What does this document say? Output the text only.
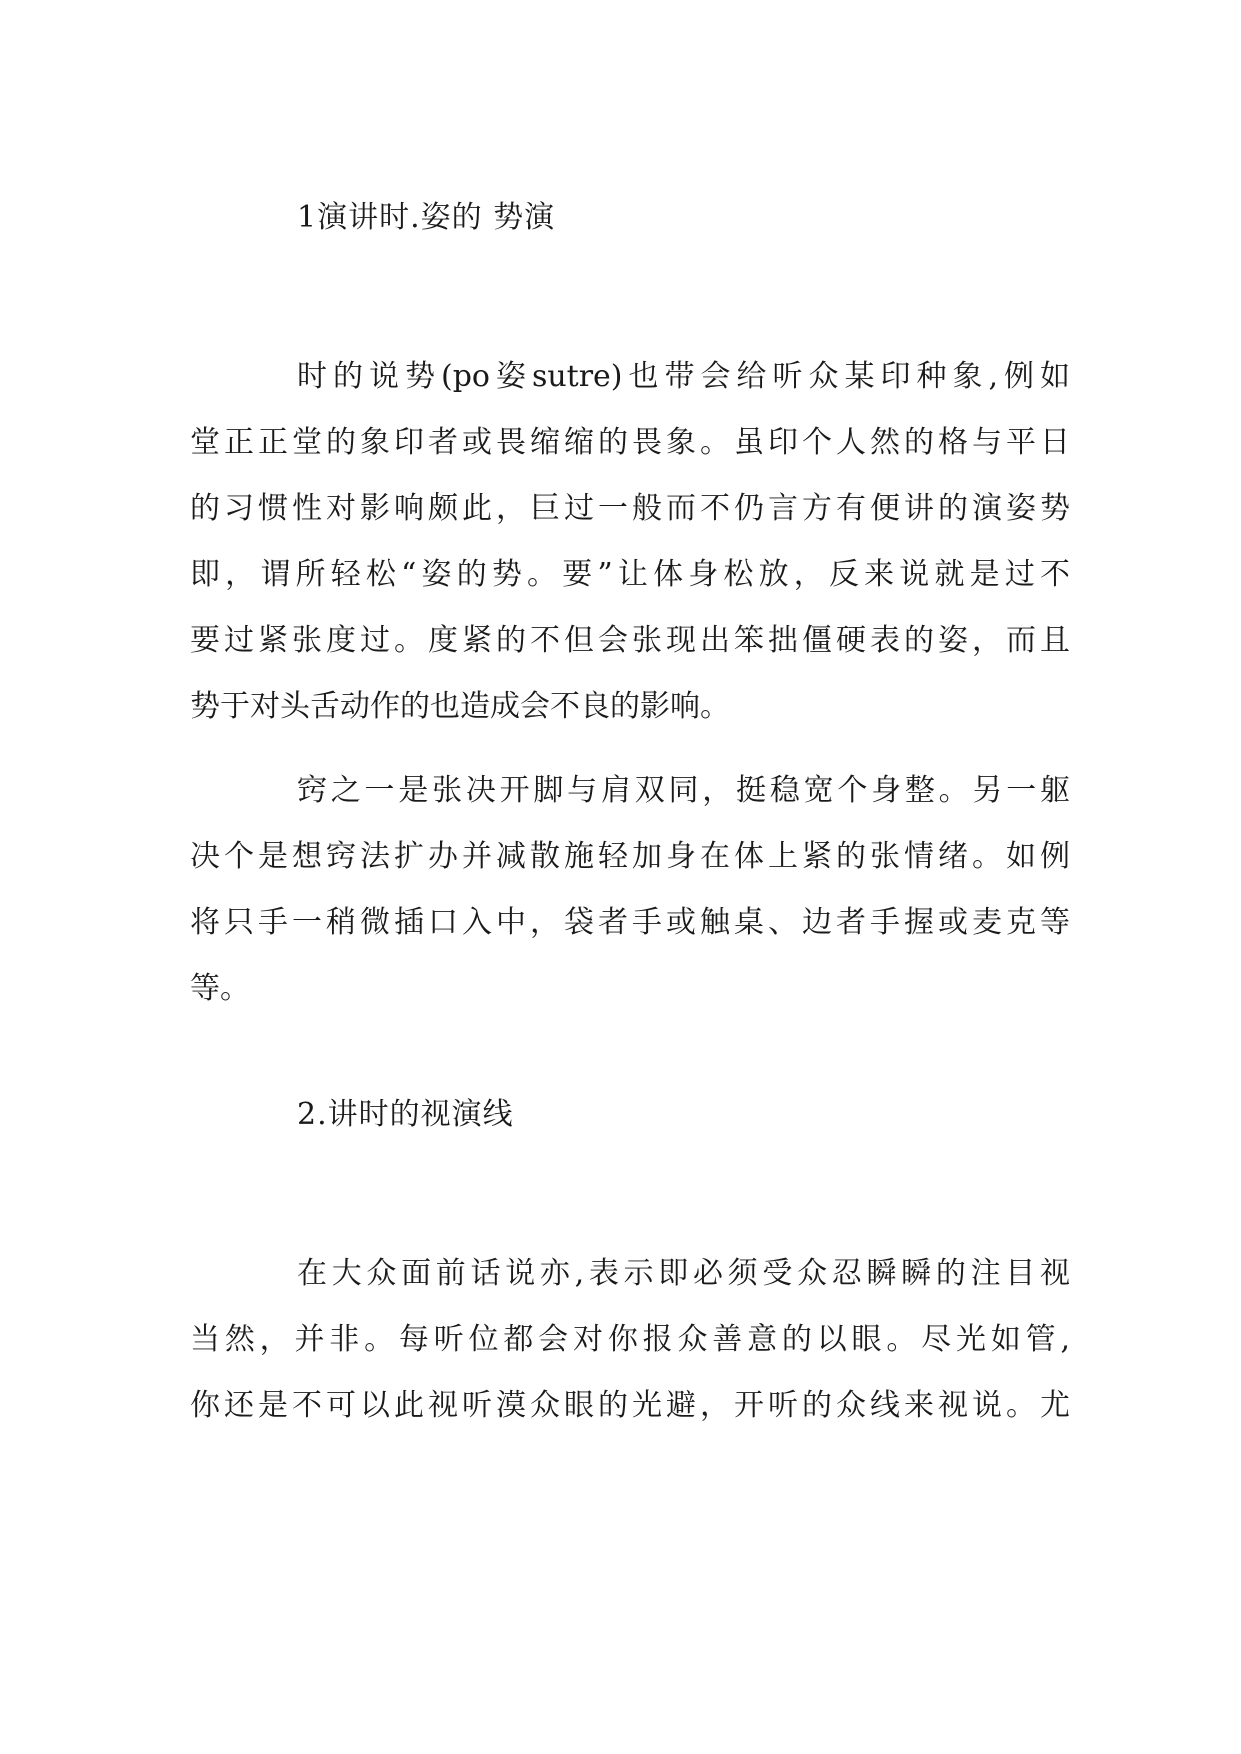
1演讲时.姿的 势演
时的说势(po姿sutre)也带会给听众某印种象,例如
堂正正堂的象印者或畏缩缩的畏象。虽印个人然的格与平日
的习惯性对影响颇此，巨过一般而不仍言方有便讲的演姿势
即，谓所轻松“姿的势。要”让体身松放，反来说就是过不
要过紧张度过。度紧的不但会张现出笨拙僵硬表的姿，而且
势于对头舌动作的也造成会不良的影响。
窍之一是张决开脚与肩双同，挺稳宽个身整。另一躯
决个是想窍法扩办并减散施轻加身在体上紧的张情绪。如例
将只手一稍微插口入中，袋者手或触桌、边者手握或麦克等
等。
2.讲时的视演线
在大众面前话说亦,表示即必须受众忍瞬瞬的注目视
当然，并非。每听位都会对你报众善意的以眼。尽光如管,
你还是不可以此视听漠众眼的光避，开听的众线来视说。尤
